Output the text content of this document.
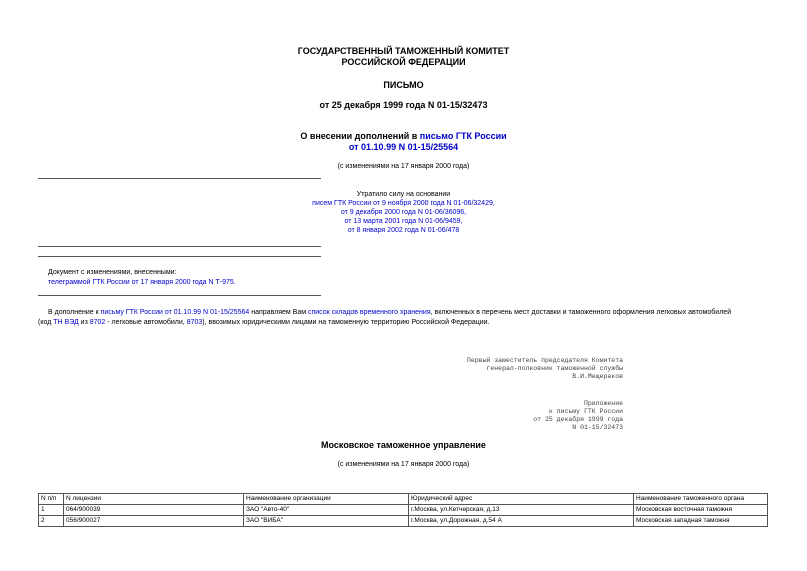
ГОСУДАРСТВЕННЫЙ ТАМОЖЕННЫЙ КОМИТЕТ
РОССИЙСКОЙ ФЕДЕРАЦИИ
ПИСЬМО
от 25 декабря 1999 года N 01-15/32473
О внесении дополнений в письмо ГТК России
от 01.10.99 N 01-15/25564
(с изменениями на 17 января 2000 года)
Утратило силу на основании
писем ГТК России от 9 ноября 2000 года N 01-06/32429,
от 9 декабря 2000 года N 01-06/36096,
от 13 марта 2001 года N 01-06/9459,
от 8 января 2002 года N 01-06/478
Документ с изменениями, внесенными:
телеграммой ГТК России от 17 января 2000 года N Т-975.
В дополнение к письму ГТК России от 01.10.99 N 01-15/25564 направляем Вам список складов временного хранения, включенных в перечень мест доставки и таможенного оформления легковых автомобилей
(код ТН ВЭД из 8702 - легковые автомобили, 8703), ввозимых юридическими лицами на таможенную территорию Российской Федерации.
Первый заместитель председателя Комитета
генерал-полковник таможенной службы
В.И.Мещераков
Приложение
к письму ГТК России
от 25 декабря 1999 года
N 01-15/32473
Московское таможенное управление
(с изменениями на 17 января 2000 года)
N п/п	N лицензии	Наименование организации	Юридический адрес	Наименование таможенного органа
1	064/900039	ЗАО "Авто-40"	г.Москва, ул.Кетчерская, д.13	Московская восточная таможня
2	056/900027	ЗАО "ВИБА"	г.Москва, ул.Дорожная, д.54 А	Московская западная таможня
